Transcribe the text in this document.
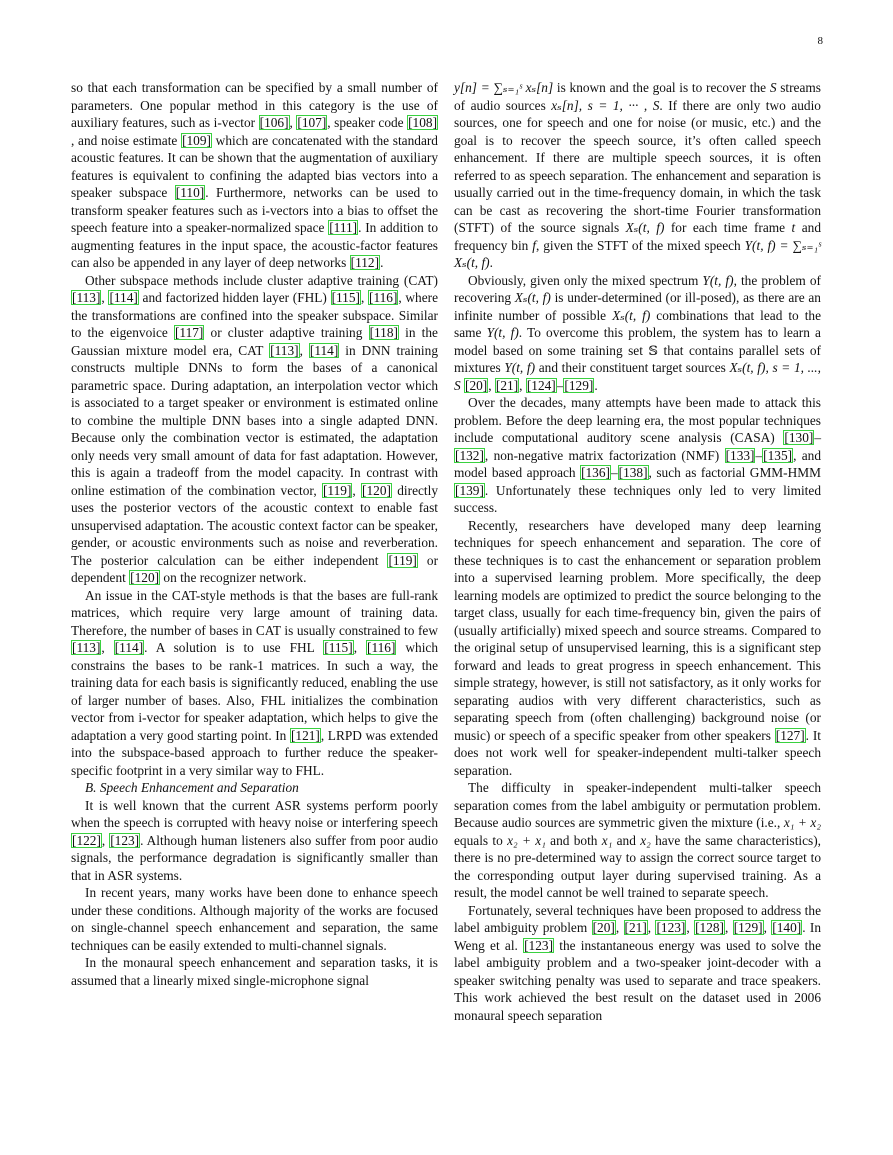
8

so that each transformation can be specified by a small number of parameters. One popular method in this category is the use of auxiliary features, such as i-vector [106], [107], speaker code [108] , and noise estimate [109] which are concatenated with the standard acoustic features. It can be shown that the augmentation of auxiliary features is equivalent to confining the adapted bias vectors into a speaker subspace [110]. Furthermore, networks can be used to transform speaker features such as i-vectors into a bias to offset the speech feature into a speaker-normalized space [111]. In addition to augmenting features in the input space, the acoustic-factor features can also be appended in any layer of deep networks [112].

Other subspace methods include cluster adaptive training (CAT) [113], [114] and factorized hidden layer (FHL) [115], [116], where the transformations are confined into the speaker subspace. Similar to the eigenvoice [117] or cluster adaptive training [118] in the Gaussian mixture model era, CAT [113], [114] in DNN training constructs multiple DNNs to form the bases of a canonical parametric space. During adaptation, an interpolation vector which is associated to a target speaker or environment is estimated online to combine the multiple DNN bases into a single adapted DNN. Because only the combination vector is estimated, the adaptation only needs very small amount of data for fast adaptation. However, this is again a tradeoff from the model capacity. In contrast with online estimation of the combination vector, [119], [120] directly uses the posterior vectors of the acoustic context to enable fast unsupervised adaptation. The acoustic context factor can be speaker, gender, or acoustic environments such as noise and reverberation. The posterior calculation can be either independent [119] or dependent [120] on the recognizer network.

An issue in the CAT-style methods is that the bases are full-rank matrices, which require very large amount of training data. Therefore, the number of bases in CAT is usually constrained to few [113], [114]. A solution is to use FHL [115], [116] which constrains the bases to be rank-1 matrices. In such a way, the training data for each basis is significantly reduced, enabling the use of larger number of bases. Also, FHL initializes the combination vector from i-vector for speaker adaptation, which helps to give the adaptation a very good starting point. In [121], LRPD was extended into the subspace-based approach to further reduce the speaker-specific footprint in a very similar way to FHL.

B. Speech Enhancement and Separation

It is well known that the current ASR systems perform poorly when the speech is corrupted with heavy noise or interfering speech [122], [123]. Although human listeners also suffer from poor audio signals, the performance degradation is significantly smaller than that in ASR systems.

In recent years, many works have been done to enhance speech under these conditions. Although majority of the works are focused on single-channel speech enhancement and separation, the same techniques can be easily extended to multi-channel signals.

In the monaural speech enhancement and separation tasks, it is assumed that a linearly mixed single-microphone signal

y[n] = ∑ₛ₌₁ˢ xₛ[n] is known and the goal is to recover the S streams of audio sources xₛ[n], s = 1, ··· , S. If there are only two audio sources, one for speech and one for noise (or music, etc.) and the goal is to recover the speech source, it’s often called speech enhancement. If there are multiple speech sources, it is often referred to as speech separation. The enhancement and separation is usually carried out in the time-frequency domain, in which the task can be cast as recovering the short-time Fourier transformation (STFT) of the source signals Xₛ(t, f) for each time frame t and frequency bin f, given the STFT of the mixed speech Y(t, f) = ∑ₛ₌₁ˢ Xₛ(t, f).

Obviously, given only the mixed spectrum Y(t, f), the problem of recovering Xₛ(t, f) is under-determined (or ill-posed), as there are an infinite number of possible Xₛ(t, f) combinations that lead to the same Y(t, f). To overcome this problem, the system has to learn a model based on some training set 𝕊 that contains parallel sets of mixtures Y(t, f) and their constituent target sources Xₛ(t, f), s = 1, ..., S [20], [21], [124]–[129].

Over the decades, many attempts have been made to attack this problem. Before the deep learning era, the most popular techniques include computational auditory scene analysis (CASA) [130]–[132], non-negative matrix factorization (NMF) [133]–[135], and model based approach [136]–[138], such as factorial GMM-HMM [139]. Unfortunately these techniques only led to very limited success.

Recently, researchers have developed many deep learning techniques for speech enhancement and separation. The core of these techniques is to cast the enhancement or separation problem into a supervised learning problem. More specifically, the deep learning models are optimized to predict the source belonging to the target class, usually for each time-frequency bin, given the pairs of (usually artificially) mixed speech and source streams. Compared to the original setup of unsupervised learning, this is a significant step forward and leads to great progress in speech enhancement. This simple strategy, however, is still not satisfactory, as it only works for separating audios with very different characteristics, such as separating speech from (often challenging) background noise (or music) or speech of a specific speaker from other speakers [127]. It does not work well for speaker-independent multi-talker speech separation.

The difficulty in speaker-independent multi-talker speech separation comes from the label ambiguity or permutation problem. Because audio sources are symmetric given the mixture (i.e., x₁ + x₂ equals to x₂ + x₁ and both x₁ and x₂ have the same characteristics), there is no pre-determined way to assign the correct source target to the corresponding output layer during supervised training. As a result, the model cannot be well trained to separate speech.

Fortunately, several techniques have been proposed to address the label ambiguity problem [20], [21], [123], [128], [129], [140]. In Weng et al. [123] the instantaneous energy was used to solve the label ambiguity problem and a two-speaker joint-decoder with a speaker switching penalty was used to separate and trace speakers. This work achieved the best result on the dataset used in 2006 monaural speech separation
